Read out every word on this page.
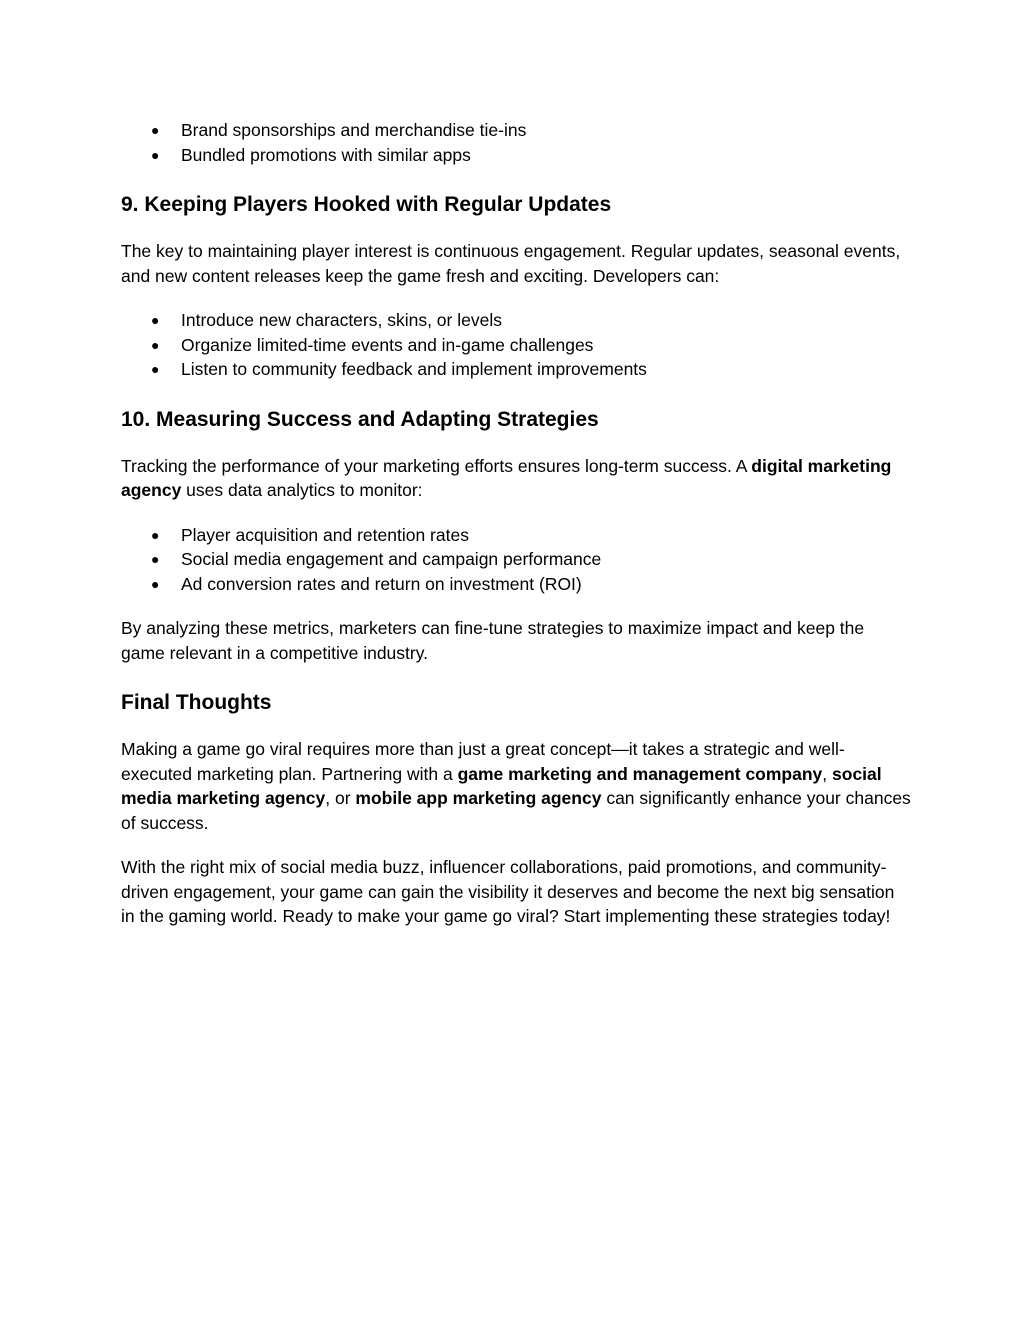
● Brand sponsorships and merchandise tie-ins
● Bundled promotions with similar apps
9. Keeping Players Hooked with Regular Updates

The key to maintaining player interest is continuous engagement. Regular updates, seasonal events, and new content releases keep the game fresh and exciting. Developers can:

● Introduce new characters, skins, or levels
● Organize limited-time events and in-game challenges
● Listen to community feedback and implement improvements
10. Measuring Success and Adapting Strategies

Tracking the performance of your marketing efforts ensures long-term success. A digital marketing agency uses data analytics to monitor:

● Player acquisition and retention rates
● Social media engagement and campaign performance
● Ad conversion rates and return on investment (ROI)

By analyzing these metrics, marketers can fine-tune strategies to maximize impact and keep the game relevant in a competitive industry.

Final Thoughts

Making a game go viral requires more than just a great concept—it takes a strategic and well-executed marketing plan. Partnering with a game marketing and management company, social media marketing agency, or mobile app marketing agency can significantly enhance your chances of success.

With the right mix of social media buzz, influencer collaborations, paid promotions, and community-driven engagement, your game can gain the visibility it deserves and become the next big sensation in the gaming world. Ready to make your game go viral? Start implementing these strategies today!
